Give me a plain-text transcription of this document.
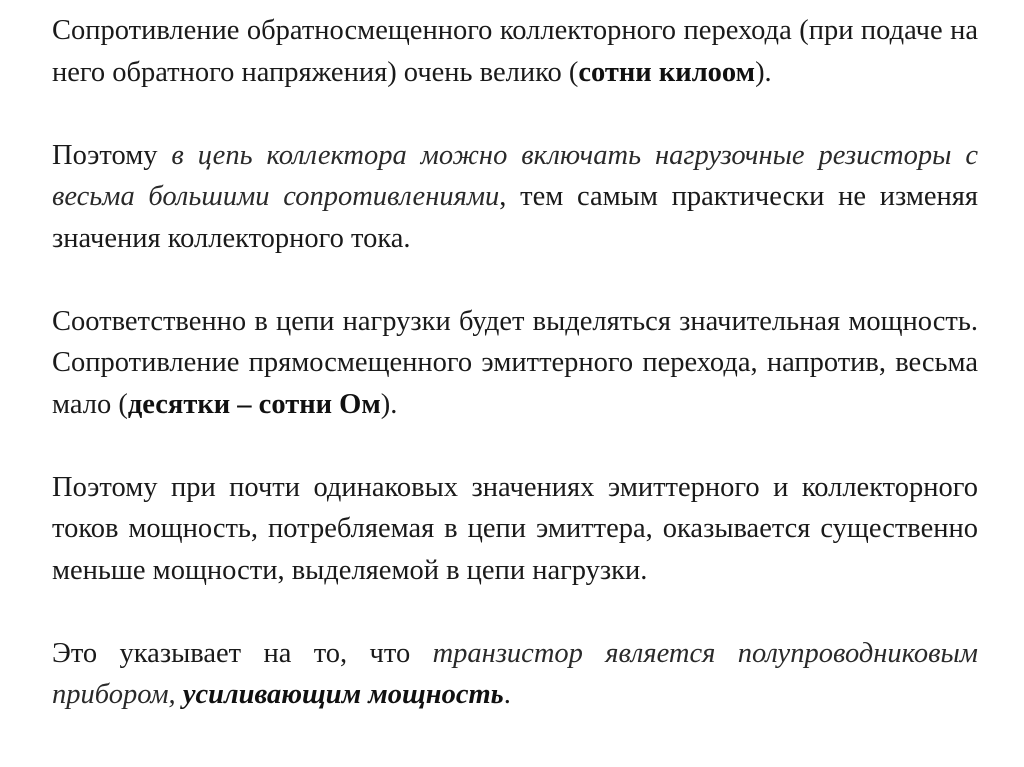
Сопротивление обратносмещенного коллекторного перехода (при подаче на него обратного напряжения) очень велико (сотни килоом).

Поэтому в цепь коллектора можно включать нагрузочные резисторы с весьма большими сопротивлениями, тем самым практически не изменяя значения коллекторного тока.

Соответственно в цепи нагрузки будет выделяться значительная мощность. Сопротивление прямосмещенного эмиттерного перехода, напротив, весьма мало (десятки – сотни Ом).

Поэтому при почти одинаковых значениях эмиттерного и коллекторного токов мощность, потребляемая в цепи эмиттера, оказывается существенно меньше мощности, выделяемой в цепи нагрузки.

Это указывает на то, что транзистор является полупроводниковым прибором, усиливающим мощность.
